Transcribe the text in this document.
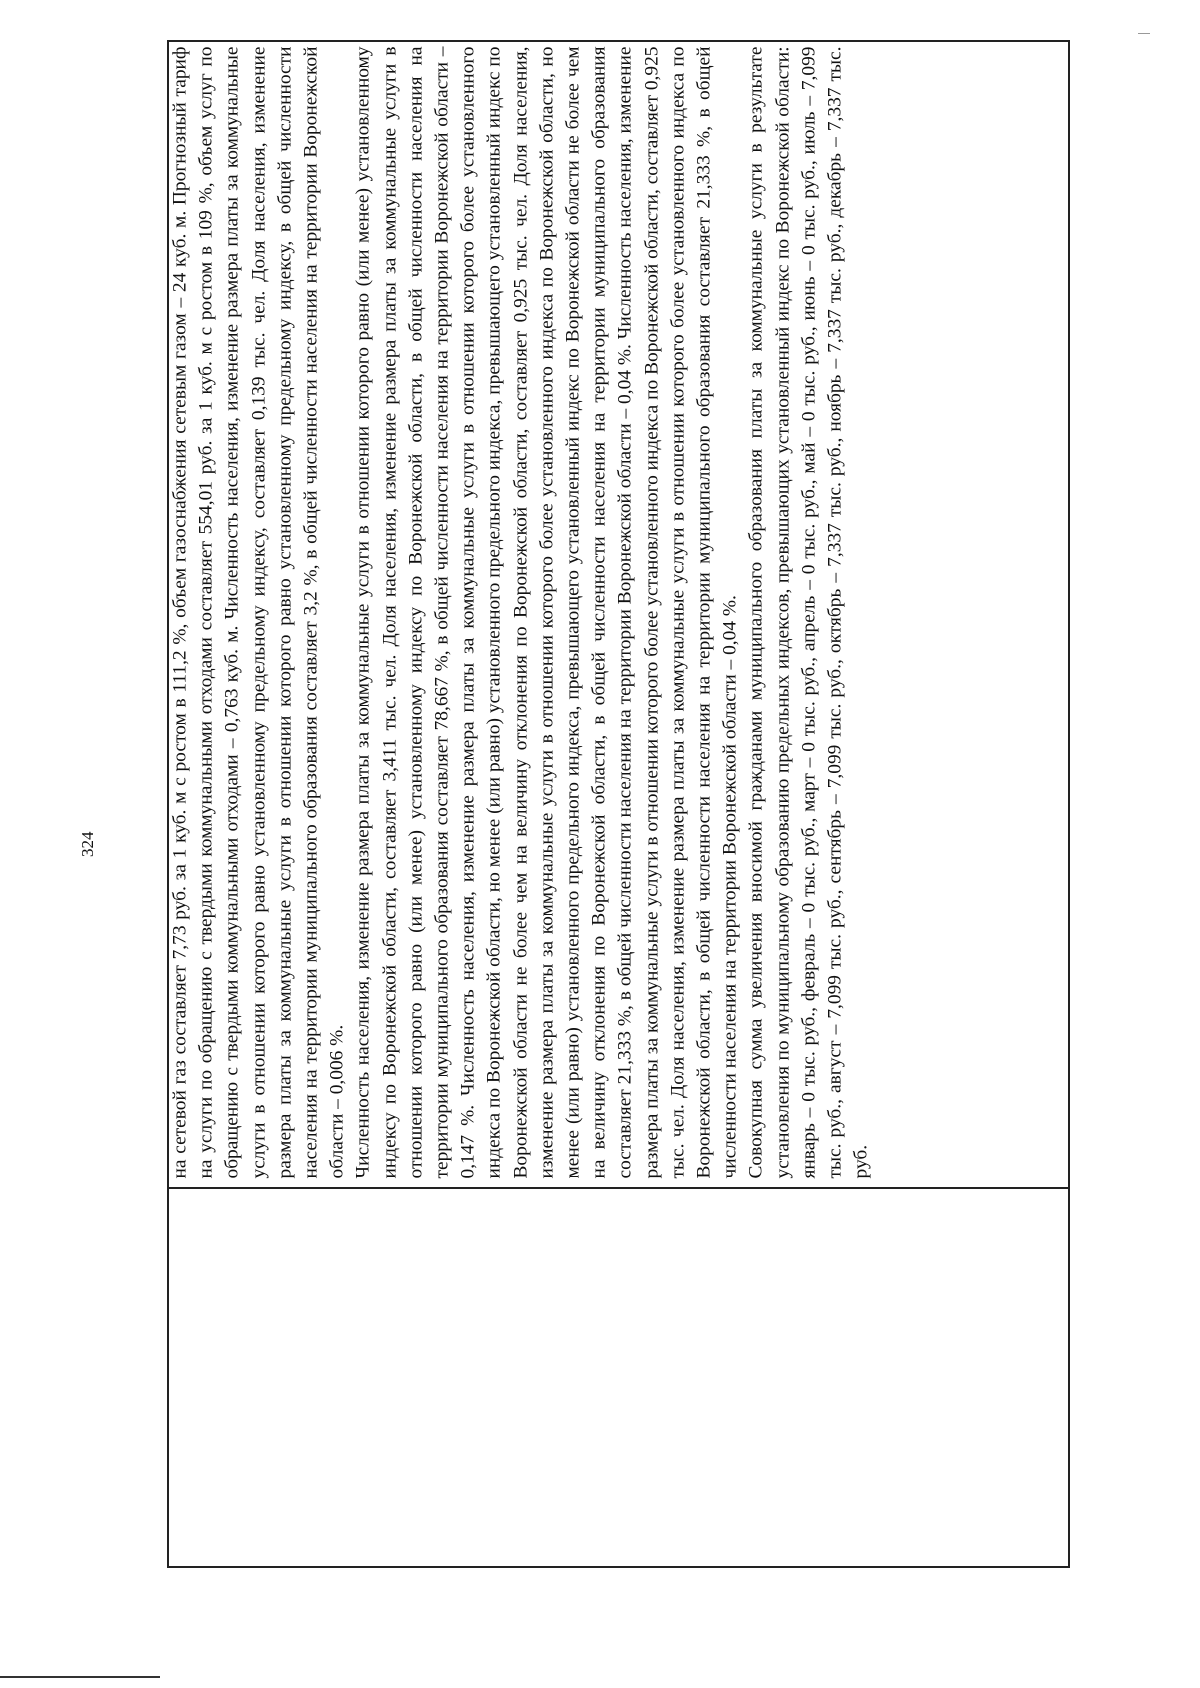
324	на сетевой газ составляет 7,73 руб. за 1 куб. м с ростом в 111,2 %, объем газоснабжения сетевым газом – 24 куб. м. Прогнозный тариф на услуги по обращению с твердыми коммунальными отходами составляет 554,01 руб. за 1 куб. м с ростом в 109 %, объем услуг по обращению с твердыми коммунальными отходами – 0,763 куб. м. Численность населения, изменение размера платы за коммунальные услуги в отношении которого равно установленному предельному индексу, составляет 0,139 тыс. чел. Доля населения, изменение размера платы за коммунальные услуги в отношении которого равно установленному предельному индексу, в общей численности населения на территории муниципального образования составляет 3,2 %, в общей численности населения на территории Воронежской области – 0,006 %. Численность населения, изменение размера платы за коммунальные услуги в отношении которого равно (или менее) установленному индексу по Воронежской области, составляет 3,411 тыс. чел. Доля населения, изменение размера платы за коммунальные услуги в отношении которого равно (или менее) установленному индексу по Воронежской области, в общей численности населения на территории муниципального образования составляет 78,667 %, в общей численности населения на территории Воронежской области – 0,147 %. Численность населения, изменение размера платы за коммунальные услуги в отношении которого более установленного индекса по Воронежской области, но менее (или равно) установленного предельного индекса, превышающего установленный индекс по Воронежской области не более чем на величину отклонения по Воронежской области, составляет 0,925 тыс. чел. Доля населения, изменение размера платы за коммунальные услуги в отношении которого более установленного индекса по Воронежской области, но менее (или равно) установленного предельного индекса, превышающего установленный индекс по Воронежской области не более чем на величину отклонения по Воронежской области, в общей численности населения на территории муниципального образования составляет 21,333 %, в общей численности населения на территории Воронежской области – 0,04 %. Численность населения, изменение размера платы за коммунальные услуги в отношении которого более установленного индекса по Воронежской области, составляет 0,925 тыс. чел. Доля населения, изменение размера платы за коммунальные услуги в отношении которого более установленного индекса по Воронежской области, в общей численности населения на территории муниципального образования составляет 21,333 %, в общей численности населения на территории Воронежской области – 0,04 %. Совокупная сумма увеличения вносимой гражданами муниципального образования платы за коммунальные услуги в результате установления по муниципальному образованию предельных индексов, превышающих установленный индекс по Воронежской области: январь – 0 тыс. руб., февраль – 0 тыс. руб., март – 0 тыс. руб., апрель – 0 тыс. руб., май – 0 тыс. руб., июнь – 0 тыс. руб., июль – 7,099 тыс. руб., август – 7,099 тыс. руб., сентябрь – 7,099 тыс. руб., октябрь – 7,337 тыс. руб., ноябрь – 7,337 тыс. руб., декабрь – 7,337 тыс. руб.
